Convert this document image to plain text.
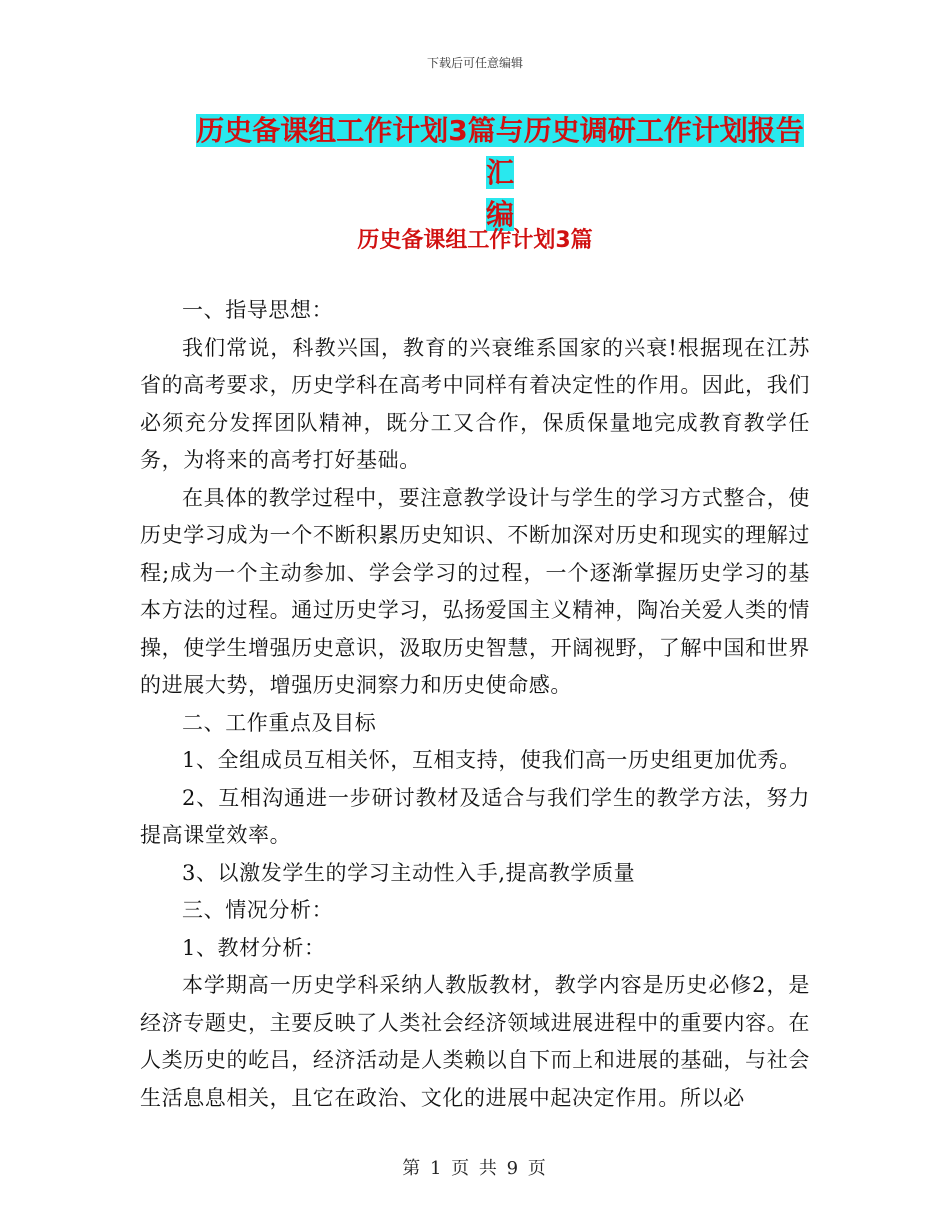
下载后可任意编辑
历史备课组工作计划3篇与历史调研工作计划报告汇
编
历史备课组工作计划3篇

一、指导思想：

我们常说，科教兴国，教育的兴衰维系国家的兴衰!根据现在江苏省的高考要求，历史学科在高考中同样有着决定性的作用。因此，我们必须充分发挥团队精神，既分工又合作，保质保量地完成教育教学任务，为将来的高考打好基础。

在具体的教学过程中，要注意教学设计与学生的学习方式整合，使历史学习成为一个不断积累历史知识、不断加深对历史和现实的理解过程;成为一个主动参加、学会学习的过程，一个逐渐掌握历史学习的基本方法的过程。通过历史学习，弘扬爱国主义精神，陶冶关爱人类的情操，使学生增强历史意识，汲取历史智慧，开阔视野，了解中国和世界的进展大势，增强历史洞察力和历史使命感。

二、工作重点及目标

1、全组成员互相关怀，互相支持，使我们高一历史组更加优秀。

2、互相沟通进一步研讨教材及适合与我们学生的教学方法，努力提高课堂效率。

3、以激发学生的学习主动性入手,提高教学质量

三、情况分析：

1、教材分析：

本学期高一历史学科采纳人教版教材，教学内容是历史必修2，是经济专题史，主要反映了人类社会经济领域进展进程中的重要内容。在人类历史的屹吕，经济活动是人类赖以自下而上和进展的基础，与社会生活息息相关，且它在政治、文化的进展中起决定作用。所以必

第 1 页 共 9 页
